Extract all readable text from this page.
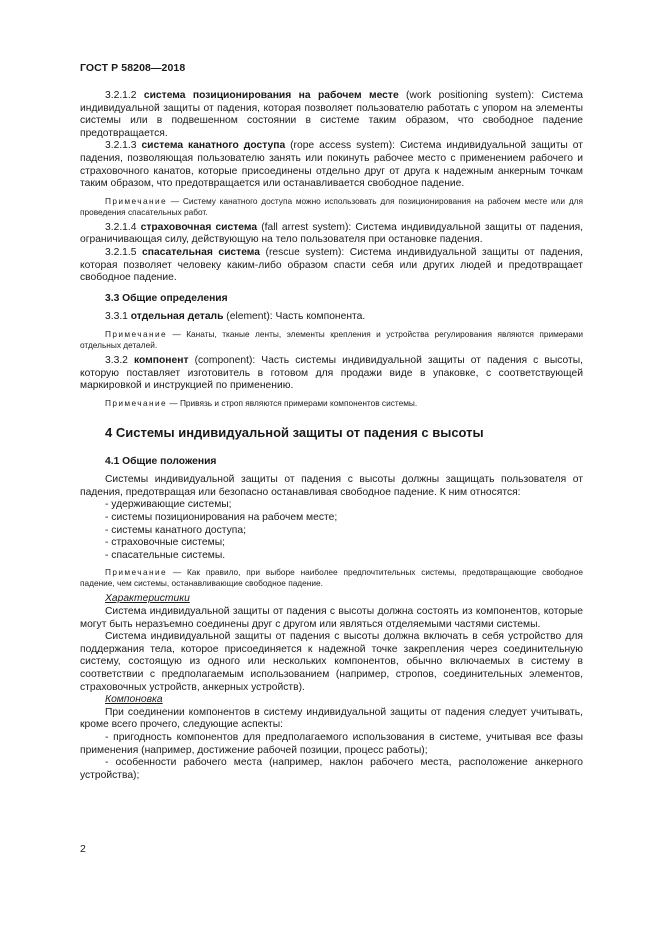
ГОСТ Р 58208—2018

3.2.1.2 система позиционирования на рабочем месте (work positioning system): Система индивидуальной защиты от падения, которая позволяет пользователю работать с упором на элементы системы или в подвешенном состоянии в системе таким образом, что свободное падение предотвращается.

3.2.1.3 система канатного доступа (rope access system): Система индивидуальной защиты от падения, позволяющая пользователю занять или покинуть рабочее место с применением рабочего и страховочного канатов, которые присоединены отдельно друг от друга к надежным анкерным точкам таким образом, что предотвращается или останавливается свободное падение.

Примечание — Систему канатного доступа можно использовать для позиционирования на рабочем месте или для проведения спасательных работ.

3.2.1.4 страховочная система (fall arrest system): Система индивидуальной защиты от падения, ограничивающая силу, действующую на тело пользователя при остановке падения.

3.2.1.5 спасательная система (rescue system): Система индивидуальной защиты от падения, которая позволяет человеку каким-либо образом спасти себя или других людей и предотвращает свободное падение.

3.3 Общие определения

3.3.1 отдельная деталь (element): Часть компонента.

Примечание — Канаты, тканые ленты, элементы крепления и устройства регулирования являются примерами отдельных деталей.

3.3.2 компонент (component): Часть системы индивидуальной защиты от падения с высоты, которую поставляет изготовитель в готовом для продажи виде в упаковке, с соответствующей маркировкой и инструкцией по применению.

Примечание — Привязь и строп являются примерами компонентов системы.

4 Системы индивидуальной защиты от падения с высоты

4.1 Общие положения

Системы индивидуальной защиты от падения с высоты должны защищать пользователя от падения, предотвращая или безопасно останавливая свободное падение. К ним относятся:

- удерживающие системы;

- системы позиционирования на рабочем месте;

- системы канатного доступа;

- страховочные системы;

- спасательные системы.

Примечание — Как правило, при выборе наиболее предпочтительных системы, предотвращающие свободное падение, чем системы, останавливающие свободное падение.

Характеристики

Система индивидуальной защиты от падения с высоты должна состоять из компонентов, которые могут быть неразъемно соединены друг с другом или являться отделяемыми частями системы.

Система индивидуальной защиты от падения с высоты должна включать в себя устройство для поддержания тела, которое присоединяется к надежной точке закрепления через соединительную систему, состоящую из одного или нескольких компонентов, обычно включаемых в систему в соответствии с предполагаемым использованием (например, стропов, соединительных элементов, страховочных устройств, анкерных устройств).

Компоновка

При соединении компонентов в систему индивидуальной защиты от падения следует учитывать, кроме всего прочего, следующие аспекты:

- пригодность компонентов для предполагаемого использования в системе, учитывая все фазы применения (например, достижение рабочей позиции, процесс работы);

- особенности рабочего места (например, наклон рабочего места, расположение анкерного устройства);

2
